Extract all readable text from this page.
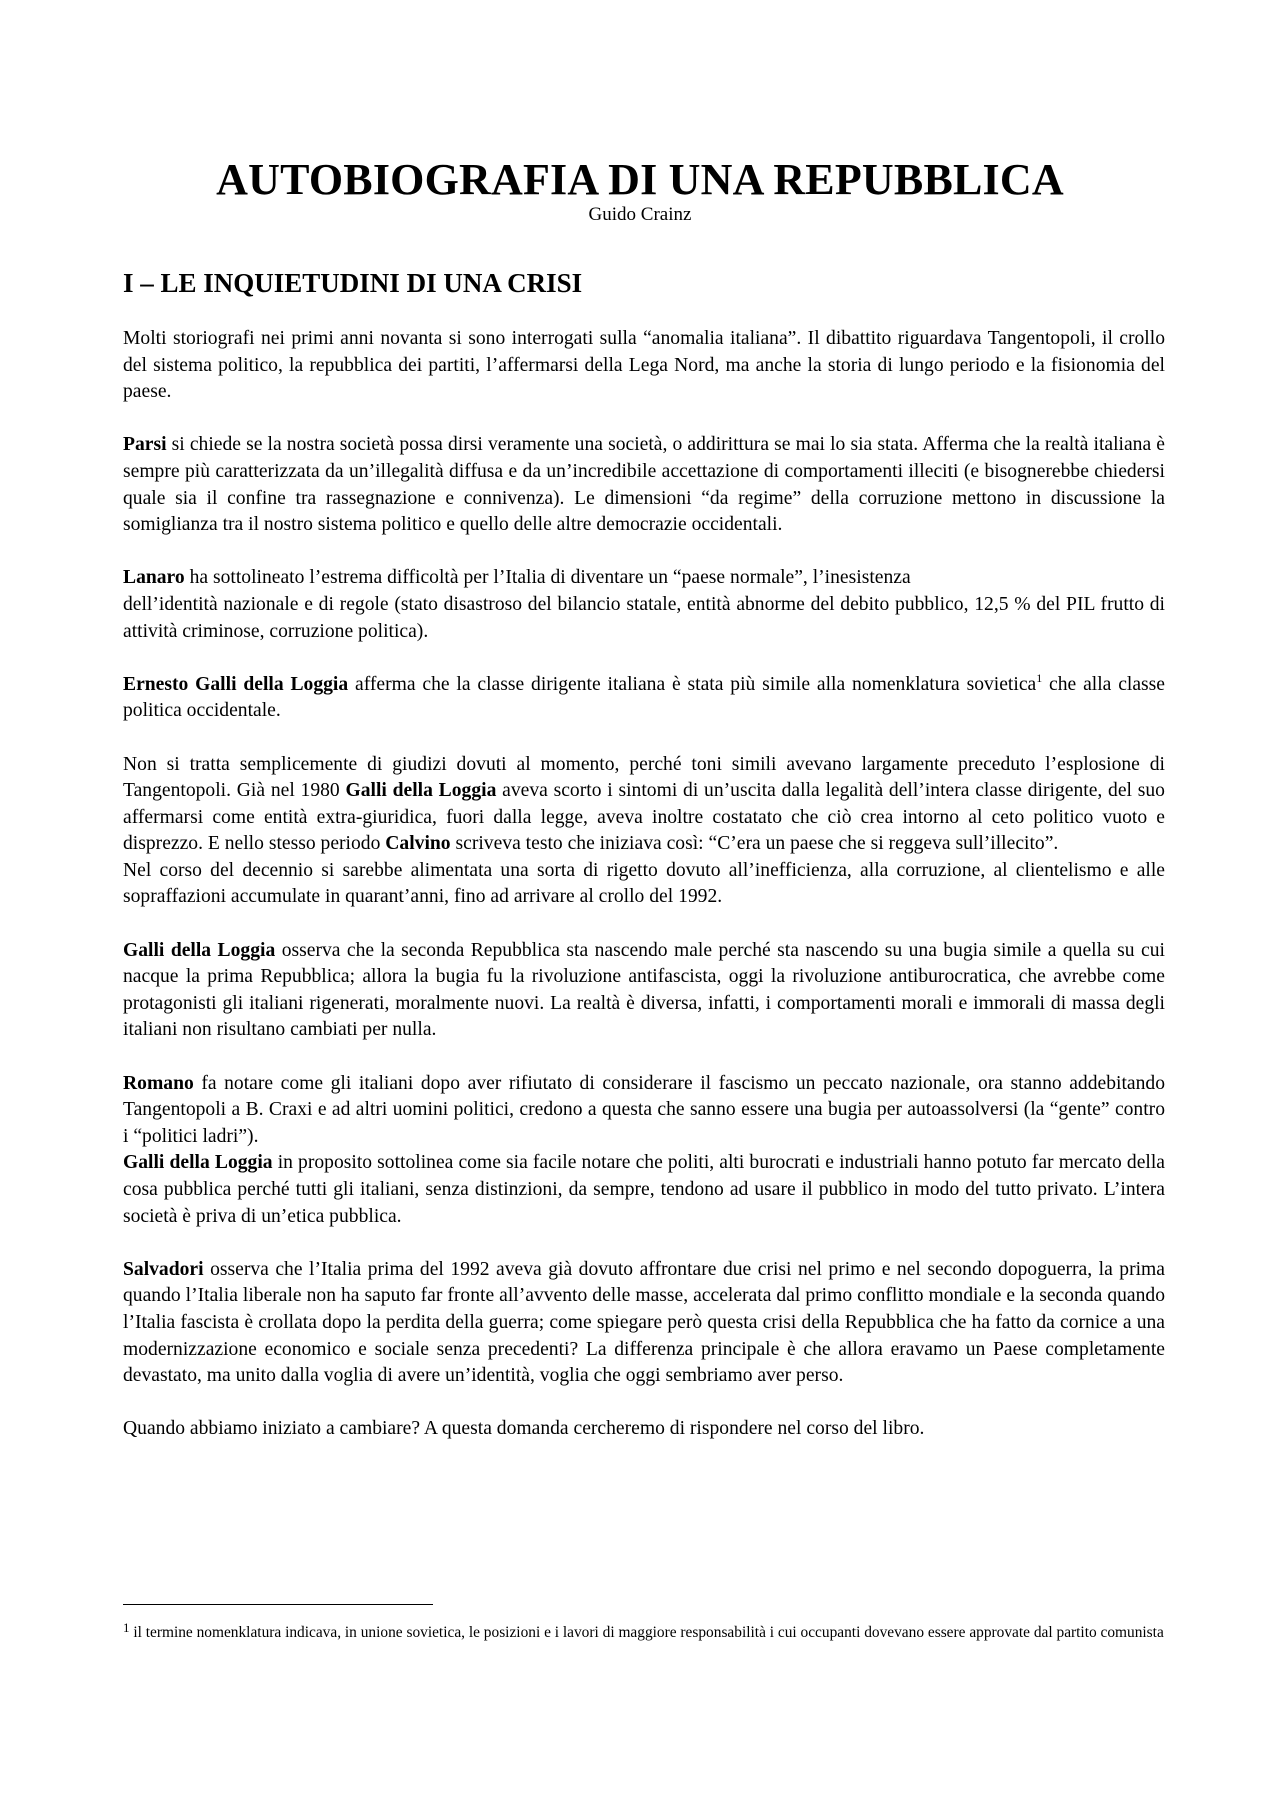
AUTOBIOGRAFIA DI UNA REPUBBLICA
Guido Crainz
I – LE INQUIETUDINI DI UNA CRISI

Molti storiografi nei primi anni novanta si sono interrogati sulla “anomalia italiana”. Il dibattito riguardava Tangentopoli, il crollo del sistema politico, la repubblica dei partiti, l’affermarsi della Lega Nord, ma anche la storia di lungo periodo e la fisionomia del paese.

Parsi si chiede se la nostra società possa dirsi veramente una società, o addirittura se mai lo sia stata. Afferma che la realtà italiana è sempre più caratterizzata da un’illegalità diffusa e da un’incredibile accettazione di comportamenti illeciti (e bisognerebbe chiedersi quale sia il confine tra rassegnazione e connivenza). Le dimensioni “da regime” della corruzione mettono in discussione la somiglianza tra il nostro sistema politico e quello delle altre democrazie occidentali.

Lanaro ha sottolineato l’estrema difficoltà per l’Italia di diventare un “paese normale”, l’inesistenza
dell’identità nazionale e di regole (stato disastroso del bilancio statale, entità abnorme del debito pubblico, 12,5 % del PIL frutto di attività criminose, corruzione politica).

Ernesto Galli della Loggia afferma che la classe dirigente italiana è stata più simile alla nomenklatura sovietica$^1$ che alla classe politica occidentale.

Non si tratta semplicemente di giudizi dovuti al momento, perché toni simili avevano largamente preceduto l’esplosione di Tangentopoli. Già nel 1980 Galli della Loggia aveva scorto i sintomi di un’uscita dalla legalità dell’intera classe dirigente, del suo affermarsi come entità extra-giuridica, fuori dalla legge, aveva inoltre costatato che ciò crea intorno al ceto politico vuoto e disprezzo. E nello stesso periodo Calvino scriveva testo che iniziava così: “C’era un paese che si reggeva sull’illecito”.

Nel corso del decennio si sarebbe alimentata una sorta di rigetto dovuto all’inefficienza, alla corruzione, al clientelismo e alle sopraffazioni accumulate in quarant’anni, fino ad arrivare al crollo del 1992.

Galli della Loggia osserva che la seconda Repubblica sta nascendo male perché sta nascendo su una bugia simile a quella su cui nacque la prima Repubblica; allora la bugia fu la rivoluzione antifascista, oggi la rivoluzione antiburocratica, che avrebbe come protagonisti gli italiani rigenerati, moralmente nuovi. La realtà è diversa, infatti, i comportamenti morali e immorali di massa degli italiani non risultano cambiati per nulla.

Romano fa notare come gli italiani dopo aver rifiutato di considerare il fascismo un peccato nazionale, ora stanno addebitando Tangentopoli a B. Craxi e ad altri uomini politici, credono a questa che sanno essere una bugia per autoassolversi (la “gente” contro i “politici ladri”).

Galli della Loggia in proposito sottolinea come sia facile notare che politi, alti burocrati e industriali hanno potuto far mercato della cosa pubblica perché tutti gli italiani, senza distinzioni, da sempre, tendono ad usare il pubblico in modo del tutto privato. L’intera società è priva di un’etica pubblica.

Salvadori osserva che l’Italia prima del 1992 aveva già dovuto affrontare due crisi nel primo e nel secondo dopoguerra, la prima quando l’Italia liberale non ha saputo far fronte all’avvento delle masse, accelerata dal primo conflitto mondiale e la seconda quando l’Italia fascista è crollata dopo la perdita della guerra; come spiegare però questa crisi della Repubblica che ha fatto da cornice a una modernizzazione economico e sociale senza precedenti? La differenza principale è che allora eravamo un Paese completamente devastato, ma unito dalla voglia di avere un’identità, voglia che oggi sembriamo aver perso.

Quando abbiamo iniziato a cambiare? A questa domanda cercheremo di rispondere nel corso del libro.

$^1$ il termine nomenklatura indicava, in unione sovietica, le posizioni e i lavori di maggiore responsabilità i cui occupanti dovevano essere approvate dal partito comunista
